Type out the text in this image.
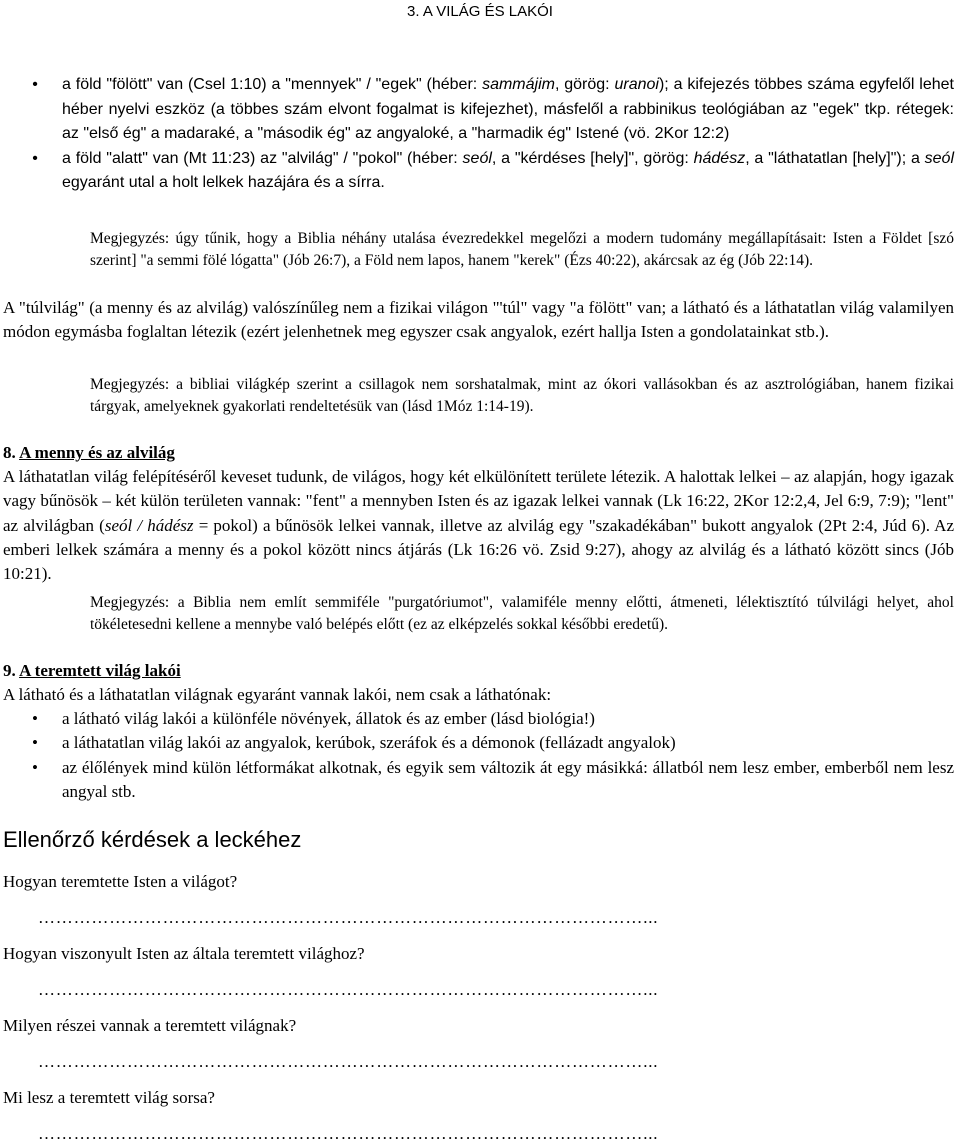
3. A VILÁG ÉS LAKÓI
• a föld "fölött" van (Csel 1:10) a "mennyek" / "egek" (héber: sammájim, görög: uranoi); a kifejezés többes száma egyfelől lehet héber nyelvi eszköz (a többes szám elvont fogalmat is kifejezhet), másfelől a rabbinikus teológiában az "egek" tkp. rétegek: az "első ég" a madaraké, a "második ég" az angyaloké, a "harmadik ég" Istené (vö. 2Kor 12:2)
• a föld "alatt" van (Mt 11:23) az "alvilág" / "pokol" (héber: seól, a "kérdéses [hely]", görög: hádész, a "láthatatlan [hely]"); a seól egyaránt utal a holt lelkek hazájára és a sírra.
Megjegyzés: úgy tűnik, hogy a Biblia néhány utalása évezredekkel megelőzi a modern tudomány megállapításait: Isten a Földet [szó szerint] "a semmi fölé lógatta" (Jób 26:7), a Föld nem lapos, hanem "kerek" (Ézs 40:22), akárcsak az ég (Jób 22:14).
A "túlvilág" (a menny és az alvilág) valószínűleg nem a fizikai világon "'túl" vagy "a fölött" van; a látható és a láthatatlan világ valamilyen módon egymásba foglaltan létezik (ezért jelenhetnek meg egyszer csak angyalok, ezért hallja Isten a gondolatainkat stb.).
Megjegyzés: a bibliai világkép szerint a csillagok nem sorshatalmak, mint az ókori vallásokban és az asztrológiában, hanem fizikai tárgyak, amelyeknek gyakorlati rendeltetésük van (lásd 1Móz 1:14-19).
8. A menny és az alvilág
A láthatatlan világ felépítéséről keveset tudunk, de világos, hogy két elkülönített területe létezik. A halottak lelkei – az alapján, hogy igazak vagy bűnösök – két külön területen vannak: "fent" a mennyben Isten és az igazak lelkei vannak (Lk 16:22, 2Kor 12:2,4, Jel 6:9, 7:9); "lent" az alvilágban (seól / hádész = pokol) a bűnösök lelkei vannak, illetve az alvilág egy "szakadékában" bukott angyalok (2Pt 2:4, Júd 6). Az emberi lelkek számára a menny és a pokol között nincs átjárás (Lk 16:26 vö. Zsid 9:27), ahogy az alvilág és a látható között sincs (Jób 10:21).
Megjegyzés: a Biblia nem említ semmiféle "purgatóriumot", valamiféle menny előtti, átmeneti, lélektisztító túlvilági helyet, ahol tökéletesedni kellene a mennybe való belépés előtt (ez az elképzelés sokkal későbbi eredetű).
9. A teremtett világ lakói
A látható és a láthatatlan világnak egyaránt vannak lakói, nem csak a láthatónak:
• a látható világ lakói a különféle növények, állatok és az ember (lásd biológia!)
• a láthatatlan világ lakói az angyalok, kerúbok, szeráfok és a démonok (fellázadt angyalok)
• az élőlények mind külön létformákat alkotnak, és egyik sem változik át egy másikká: állatból nem lesz ember, emberből nem lesz angyal stb.
Ellenőrző kérdések a leckéhez
Hogyan teremtette Isten a világot?
…………………………………………………………………………………………...
Hogyan viszonyult Isten az általa teremtett világhoz?
…………………………………………………………………………………………...
Milyen részei vannak a teremtett világnak?
…………………………………………………………………………………………...
Mi lesz a teremtett világ sorsa?
…………………………………………………………………………………………...
